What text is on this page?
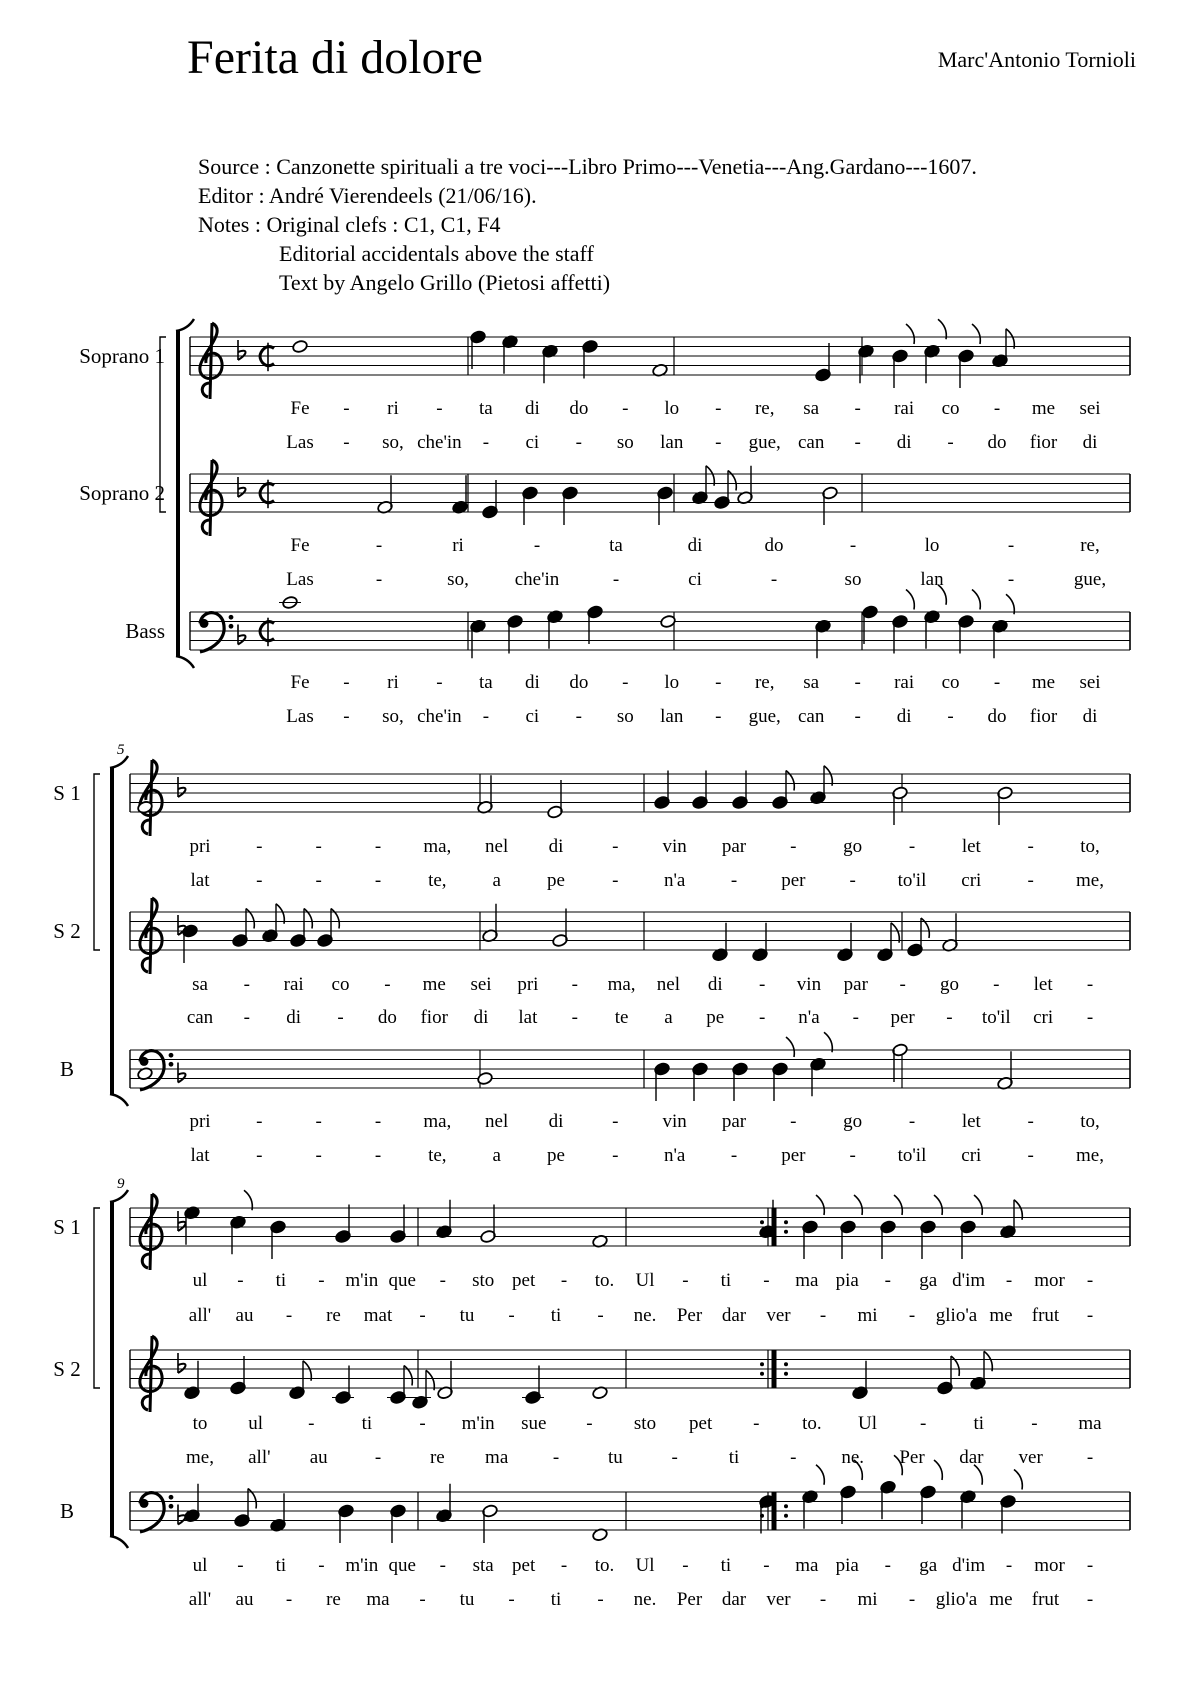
Ferita di dolore	Marc'Antonio Tornioli
Source : Canzonette spirituali a tre voci---Libro Primo---Venetia---Ang.Gardano---1607.
Editor : André Vierendeels (21/06/16).
Notes : Original clefs : C1, C1, F4
Editorial accidentals above the staff
Text by Angelo Grillo (Pietosi affetti)
Soprano 1
Fe - ri - ta di do - lo - re, sa - rai co - me sei
Las - so, che'in - ci - so lan - gue, can - di - do fior di
Soprano 2
Fe	-	ri	-	ta	di	do	-	lo	-	re,
Las	-	so, che'in	-	ci	-	so	lan	-	gue,
Bass
Fe - ri - ta di do - lo - re, sa - rai co - me sei
Las - so, che'in - ci - so lan - gue, can - di - do fior di
5
S 1
pri -	-	- ma, nel di	- vin par - go - let - to,
lat -	-	- te, a pe - n'a - per - to'il cri - me,
S 2
sa - rai co - me sei pri - ma, nel di - vin par - go - let -
can - di - do fior di lat - te a pe - n'a - per - to'il cri -
B
pri -	-	- ma, nel di	- vin par - go - let - to,
lat -	-	- te, a pe - n'a - per - to'il cri - me,
9
S 1
ul - ti - m'in que - sto pet - to. Ul - ti - ma pia - ga d'im - mor -
all' au - re mat - tu - ti - ne. Per dar ver - mi - glio'a me frut -
S 2
to ul - ti - m'in sue - sto pet - to. Ul - ti - ma
me, all' au -	re ma -	tu	-	ti	- ne. Per dar ver -
B
ul - ti - m'in que - sta pet - to. Ul - ti - ma pia - ga d'im - mor -
all' au - re ma - tu - ti - ne. Per dar ver - mi - glio'a me frut -
